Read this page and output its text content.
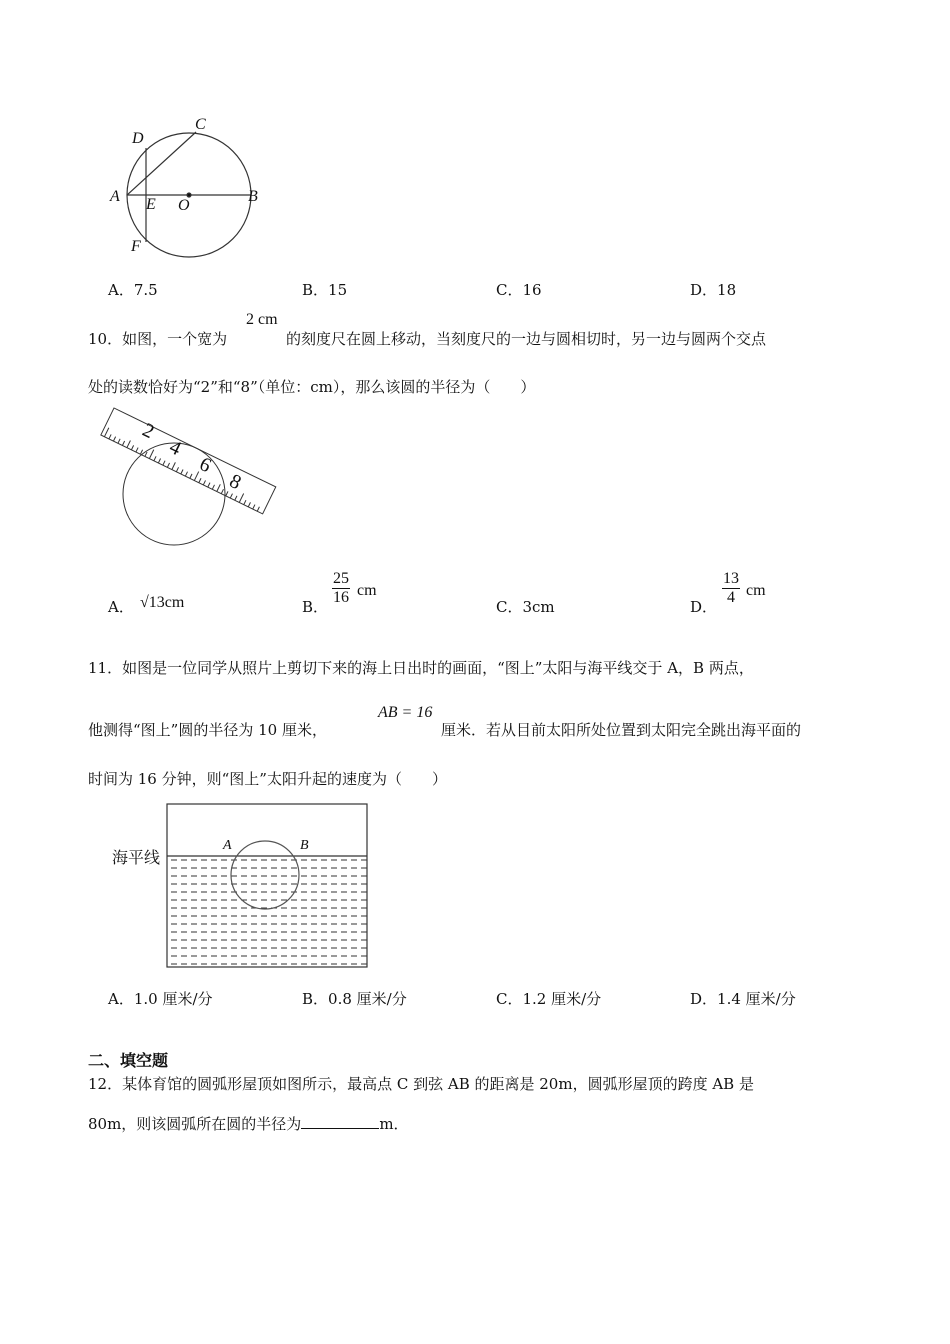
D
C
A E O
B
F
A．7.5	B．15	C．16	D．18
10．如图，一个宽为
2 cm
的刻度尺在圆上移动，当刻度尺的一边与圆相切时，另一边与圆两个交点
处的读数恰好为“2”和“8”（单位：cm），那么该圆的半径为（　　）
2
4
6
8
A． √13cm	B． $\frac{25}{16}$ cm
C．3cm	D． $\frac{13}{4}$ cm
11．如图是一位同学从照片上剪切下来的海上日出时的画面，“图上”太阳与海平线交于 A，B 两点，
他测得“图上”圆的半径为 10 厘米，
AB = 16
厘米．若从目前太阳所处位置到太阳完全跳出海平面的
时间为 16 分钟，则“图上”太阳升起的速度为（　　）
海平线
A	B
A．1.0 厘米/分	B．0.8 厘米/分	C．1.2 厘米/分	D．1.4 厘米/分
二、填空题
12．某体育馆的圆弧形屋顶如图所示，最高点 C 到弦 AB 的距离是 20m，圆弧形屋顶的跨度 AB 是
80m，则该圆弧所在圆的半径为	m．
